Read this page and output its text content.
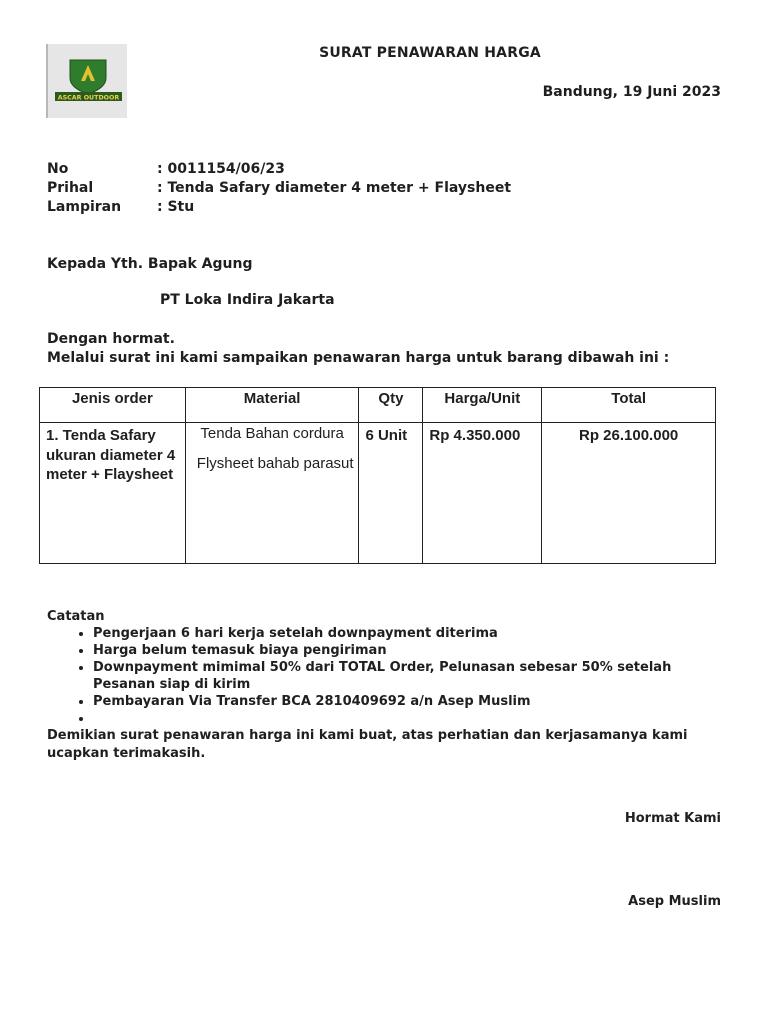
ASCAR OUTDOOR
SURAT PENAWARAN HARGA
Bandung, 19 Juni 2023
No	: 0011154/06/23
Prihal	: Tenda Safary diameter 4 meter + Flaysheet
Lampiran	: Stu
Kepada Yth. Bapak Agung
PT Loka Indira Jakarta
Dengan hormat.
Melalui surat ini kami sampaikan penawaran harga untuk barang dibawah ini :
Jenis order	Material	Qty	Harga/Unit	Total
1. Tenda Safary ukuran diameter 4 meter + Flaysheet	Tenda Bahan cordura
Flysheet bahab parasut	6 Unit	Rp 4.350.000	Rp 26.100.000
Catatan
• Pengerjaan 6 hari kerja setelah downpayment diterima
• Harga belum temasuk biaya pengiriman
• Downpayment mimimal 50% dari TOTAL Order, Pelunasan sebesar 50% setelah Pesanan siap di kirim
• Pembayaran Via Transfer BCA 2810409692 a/n Asep Muslim
•
Demikian surat penawaran harga ini kami buat, atas perhatian dan kerjasamanya kami ucapkan terimakasih.
Hormat Kami
Asep Muslim
